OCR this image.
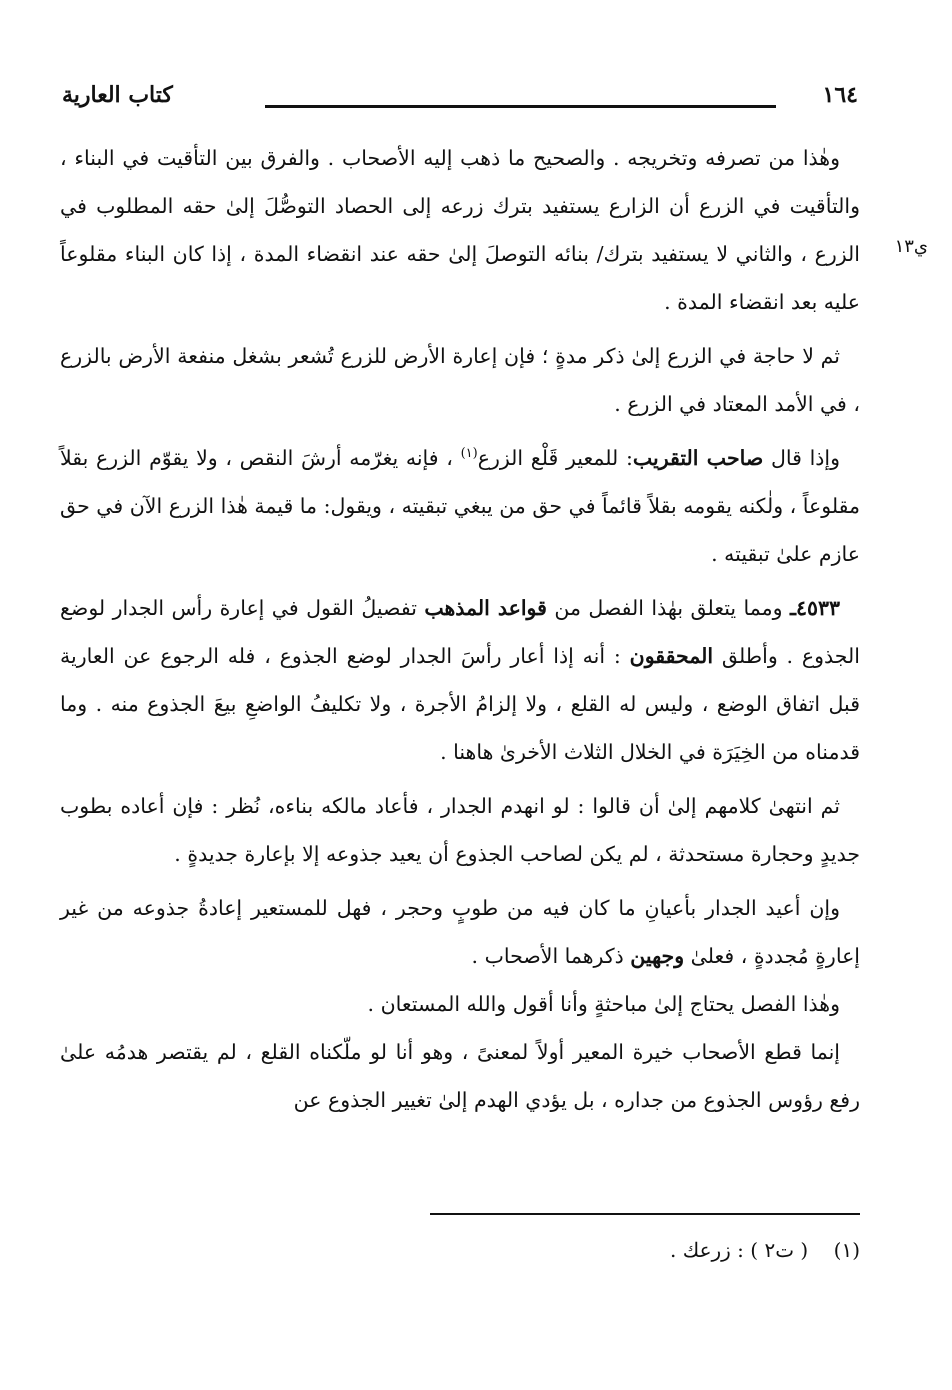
كتاب العارية	١٦٤
ي١٣

وهٰذا من تصرفه وتخريجه . والصحيح ما ذهب إليه الأصحاب . والفرق بين التأقيت في البناء ، والتأقيت في الزرع أن الزارع يستفيد بترك زرعه إلى الحصاد التوصُّلَ إلىٰ حقه المطلوب في الزرع ، والثاني لا يستفيد بترك/ بنائه التوصلَ إلىٰ حقه عند انقضاء المدة ، إذا كان البناء مقلوعاً عليه بعد انقضاء المدة .

ثم لا حاجة في الزرع إلىٰ ذكر مدةٍ ؛ فإن إعارة الأرض للزرع تُشعر بشغل منفعة الأرض بالزرع ، في الأمد المعتاد في الزرع .

وإذا قال صاحب التقريب: للمعير قَلْع الزرع$^{(١)}$ ، فإنه يغرّمه أرشَ النقص ، ولا يقوّم الزرع بقلاً مقلوعاً ، ولٰكنه يقومه بقلاً قائماً في حق من يبغي تبقيته ، ويقول: ما قيمة هٰذا الزرع الآن في حق عازم علىٰ تبقيته .

٤٥٣٣ـ ومما يتعلق بهٰذا الفصل من قواعد المذهب تفصيلُ القول في إعارة رأس الجدار لوضع الجذوع . وأطلق المحققون : أنه إذا أعار رأسَ الجدار لوضع الجذوع ، فله الرجوع عن العارية قبل اتفاق الوضع ، وليس له القلع ، ولا إلزامُ الأجرة ، ولا تكليفُ الواضعِ بيعَ الجذوع منه . وما قدمناه من الخِيَرَة في الخلال الثلاث الأخرىٰ هاهنا .

ثم انتهىٰ كلامهم إلىٰ أن قالوا : لو انهدم الجدار ، فأعاد مالكه بناءه، نُظر : فإن أعاده بطوب جديدٍ وحجارة مستحدثة ، لم يكن لصاحب الجذوع أن يعيد جذوعه إلا بإعارة جديدةٍ .

وإن أعيد الجدار بأعيانِ ما كان فيه من طوبٍ وحجر ، فهل للمستعير إعادةُ جذوعه من غير إعارةٍ مُجددةٍ ، فعلىٰ وجهين ذكرهما الأصحاب .

وهٰذا الفصل يحتاج إلىٰ مباحثةٍ وأنا أقول والله المستعان .

إنما قطع الأصحاب خيرة المعير أولاً لمعنىً ، وهو أنا لو ملّكناه القلع ، لم يقتصر هدمُه علىٰ رفع رؤوس الجذوع من جداره ، بل يؤدي الهدم إلىٰ تغيير الجذوع عن

(١)    ( ت٢ ) : زرعك .
